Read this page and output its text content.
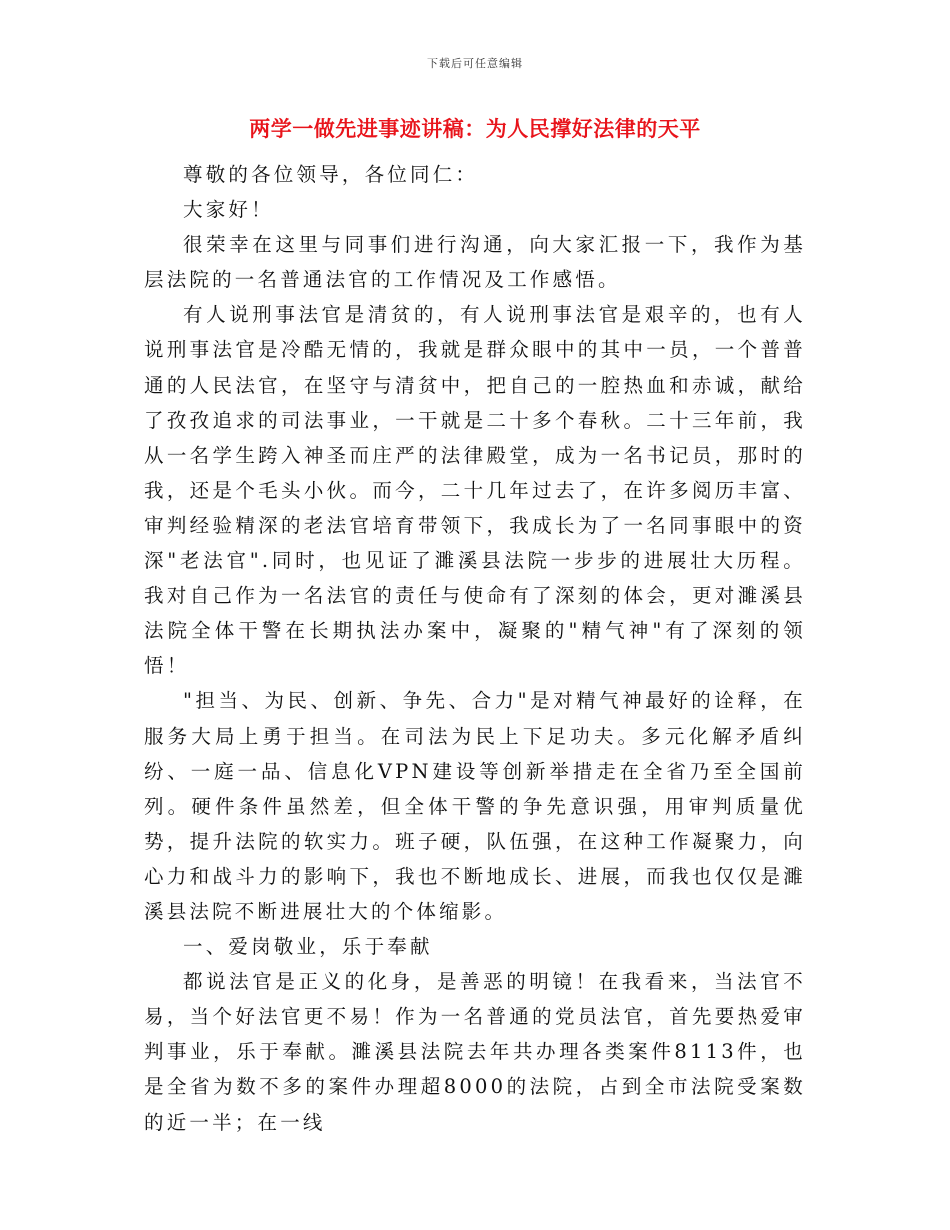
下载后可任意编辑
两学一做先进事迹讲稿：为人民撑好法律的天平

尊敬的各位领导，各位同仁：

大家好！

很荣幸在这里与同事们进行沟通，向大家汇报一下，我作为基层法院的一名普通法官的工作情况及工作感悟。

有人说刑事法官是清贫的，有人说刑事法官是艰辛的，也有人说刑事法官是冷酷无情的，我就是群众眼中的其中一员，一个普普通的人民法官，在坚守与清贫中，把自己的一腔热血和赤诚，献给了孜孜追求的司法事业，一干就是二十多个春秋。二十三年前，我从一名学生跨入神圣而庄严的法律殿堂，成为一名书记员，那时的我，还是个毛头小伙。而今，二十几年过去了，在许多阅历丰富、审判经验精深的老法官培育带领下，我成长为了一名同事眼中的资深"老法官".同时，也见证了濉溪县法院一步步的进展壮大历程。我对自己作为一名法官的责任与使命有了深刻的体会，更对濉溪县法院全体干警在长期执法办案中，凝聚的"精气神"有了深刻的领悟！

"担当、为民、创新、争先、合力"是对精气神最好的诠释，在服务大局上勇于担当。在司法为民上下足功夫。多元化解矛盾纠纷、一庭一品、信息化VPN建设等创新举措走在全省乃至全国前列。硬件条件虽然差，但全体干警的争先意识强，用审判质量优势，提升法院的软实力。班子硬，队伍强，在这种工作凝聚力，向心力和战斗力的影响下，我也不断地成长、进展，而我也仅仅是濉溪县法院不断进展壮大的个体缩影。

一、爱岗敬业，乐于奉献

都说法官是正义的化身，是善恶的明镜！在我看来，当法官不易，当个好法官更不易！作为一名普通的党员法官，首先要热爱审判事业，乐于奉献。濉溪县法院去年共办理各类案件8113件，也是全省为数不多的案件办理超8000的法院，占到全市法院受案数的近一半；在一线
